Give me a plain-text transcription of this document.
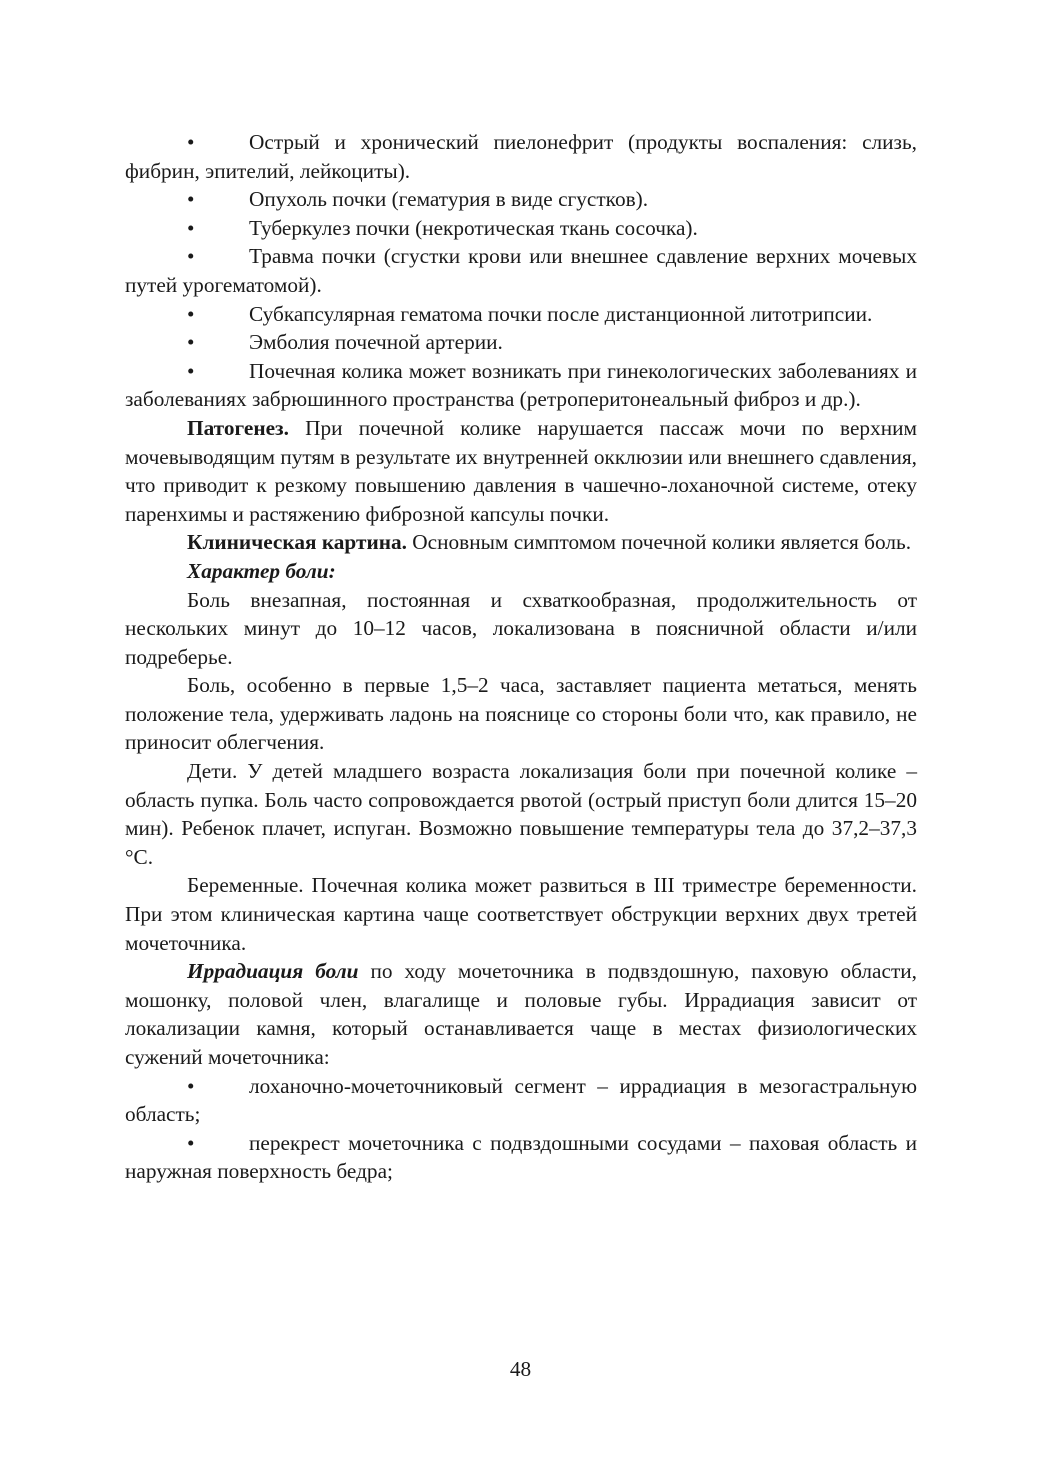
•	Острый и хронический пиелонефрит (продукты воспаления: слизь, фибрин, эпителий, лейкоциты).

•	Опухоль почки (гематурия в виде сгустков).

•	Туберкулез почки (некротическая ткань сосочка).

•	Травма почки (сгустки крови или внешнее сдавление верхних мочевых путей урогематомой).

•	Субкапсулярная гематома почки после дистанционной литотрипсии.

•	Эмболия почечной артерии.

•	Почечная колика может возникать при гинекологических заболеваниях и заболеваниях забрюшинного пространства (ретроперитонеальный фиброз и др.).

Патогенез. При почечной колике нарушается пассаж мочи по верхним мочевыводящим путям в результате их внутренней окклюзии или внешнего сдавления, что приводит к резкому повышению давления в чашечно-лоханочной системе, отеку паренхимы и растяжению фиброзной капсулы почки.

Клиническая картина. Основным симптомом почечной колики является боль.

Характер боли:

Боль внезапная, постоянная и схваткообразная, продолжительность от нескольких минут до 10–12 часов, локализована в поясничной области и/или подреберье.

Боль, особенно в первые 1,5–2 часа, заставляет пациента метаться, менять положение тела, удерживать ладонь на пояснице со стороны боли что, как правило, не приносит облегчения.

Дети. У детей младшего возраста локализация боли при почечной колике – область пупка. Боль часто сопровождается рвотой (острый приступ боли длится 15–20 мин). Ребенок плачет, испуган. Возможно повышение температуры тела до 37,2–37,3 °С.

Беременные. Почечная колика может развиться в III триместре беременности. При этом клиническая картина чаще соответствует обструкции верхних двух третей мочеточника.

Иррадиация боли по ходу мочеточника в подвздошную, паховую области, мошонку, половой член, влагалище и половые губы. Иррадиация зависит от локализации камня, который останавливается чаще в местах физиологических сужений мочеточника:

•	лоханочно-мочеточниковый сегмент – иррадиация в мезогастральную область;

•	перекрест мочеточника с подвздошными сосудами – паховая область и наружная поверхность бедра;

48
